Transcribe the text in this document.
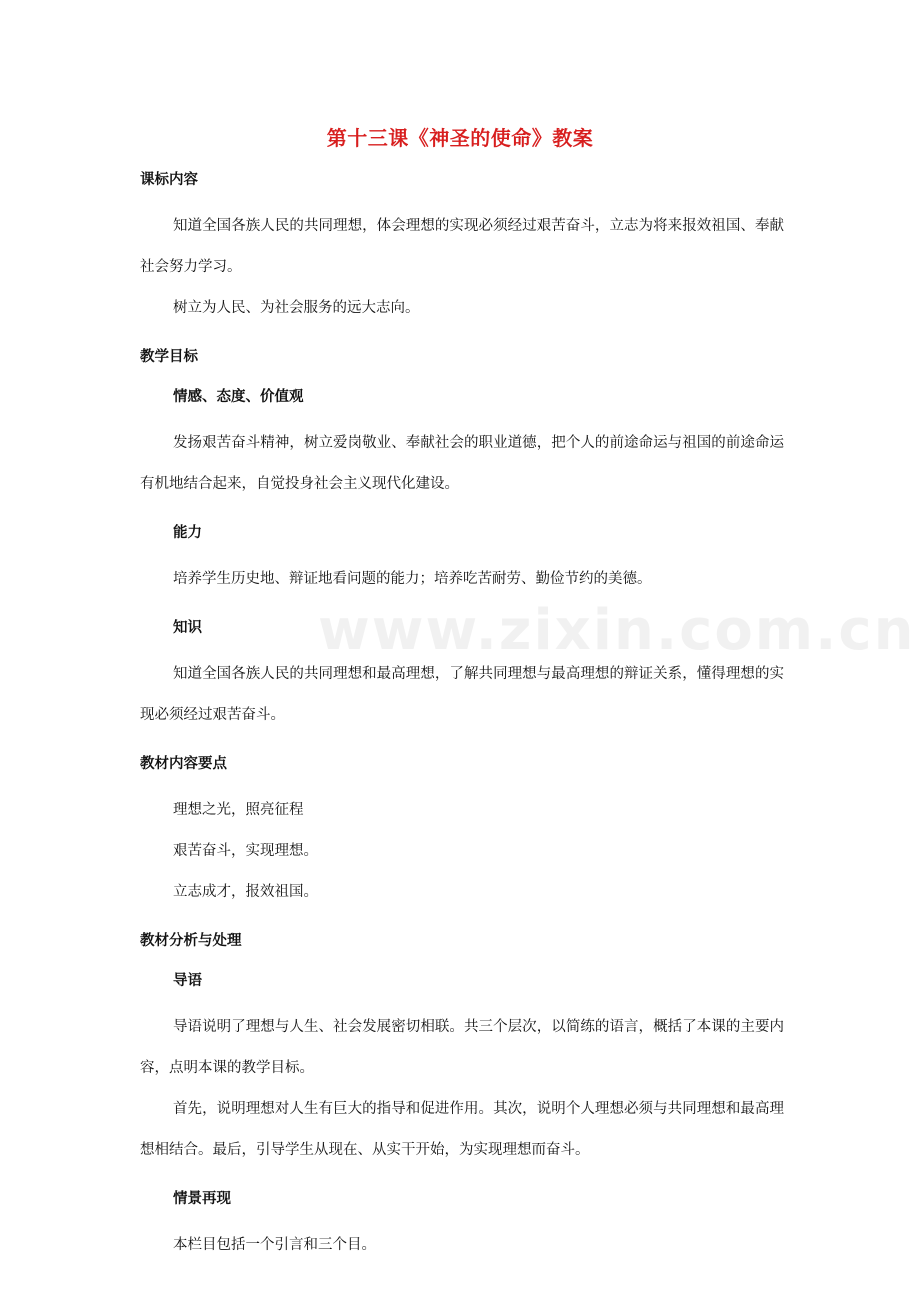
第十三课《神圣的使命》教案
课标内容

知道全国各族人民的共同理想，体会理想的实现必须经过艰苦奋斗，立志为将来报效祖国、奉献社会努力学习。

树立为人民、为社会服务的远大志向。

教学目标
情感、态度、价值观

发扬艰苦奋斗精神，树立爱岗敬业、奉献社会的职业道德，把个人的前途命运与祖国的前途命运有机地结合起来，自觉投身社会主义现代化建设。

能力

培养学生历史地、辩证地看问题的能力；培养吃苦耐劳、勤俭节约的美德。

知识

知道全国各族人民的共同理想和最高理想，了解共同理想与最高理想的辩证关系，懂得理想的实现必须经过艰苦奋斗。

教材内容要点

理想之光，照亮征程

艰苦奋斗，实现理想。

立志成才，报效祖国。

教材分析与处理
导语

导语说明了理想与人生、社会发展密切相联。共三个层次，以简练的语言，概括了本课的主要内容，点明本课的教学目标。

首先，说明理想对人生有巨大的指导和促进作用。其次，说明个人理想必须与共同理想和最高理想相结合。最后，引导学生从现在、从实干开始，为实现理想而奋斗。

情景再现

本栏目包括一个引言和三个目。

www.zixin.com.cn
